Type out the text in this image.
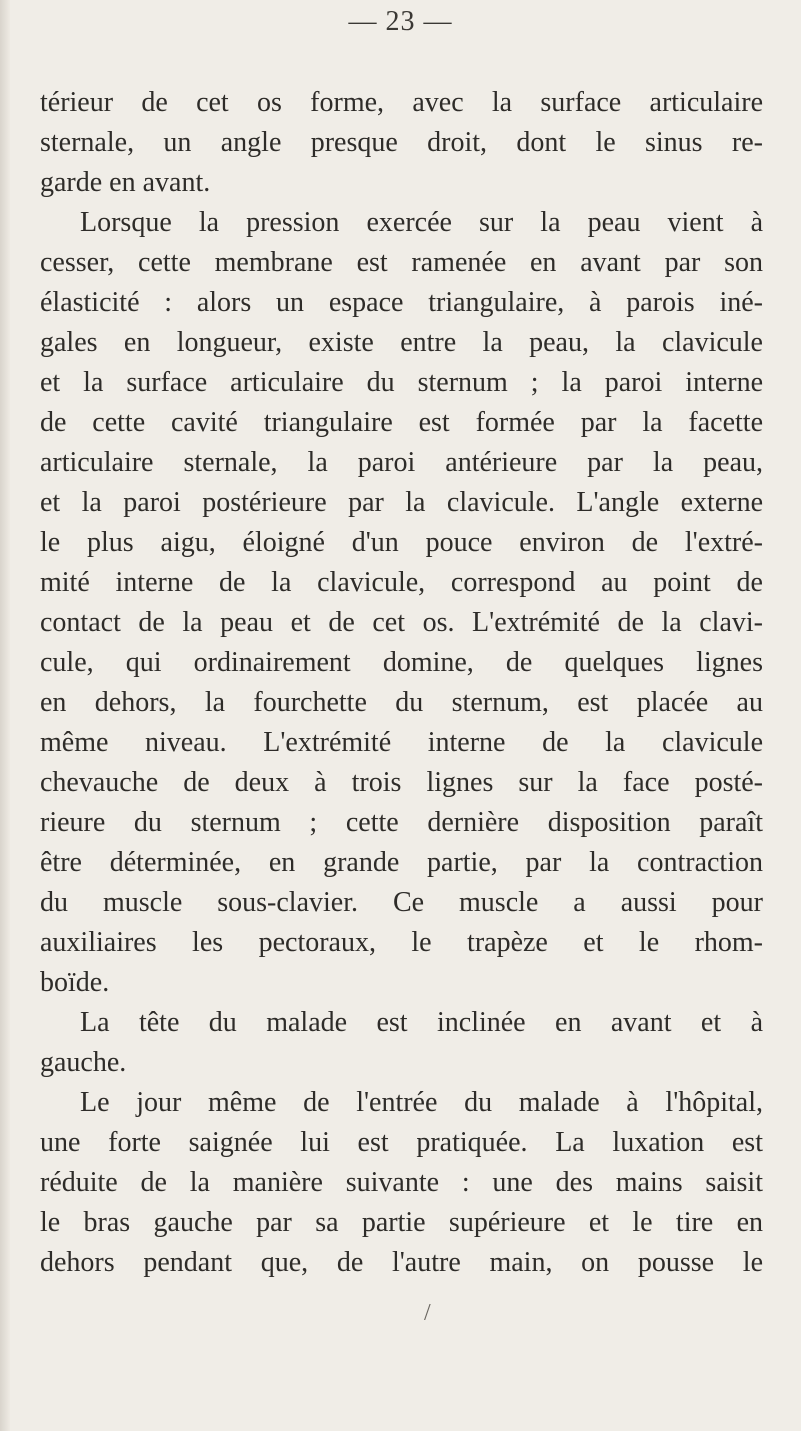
— 23 —
térieur de cet os forme, avec la surface articulaire
sternale, un angle presque droit, dont le sinus re-
garde en avant.
Lorsque la pression exercée sur la peau vient à
cesser, cette membrane est ramenée en avant par son
élasticité : alors un espace triangulaire, à parois iné-
gales en longueur, existe entre la peau, la clavicule
et la surface articulaire du sternum ; la paroi interne
de cette cavité triangulaire est formée par la facette
articulaire sternale, la paroi antérieure par la peau,
et la paroi postérieure par la clavicule. L'angle externe
le plus aigu, éloigné d'un pouce environ de l'extré-
mité interne de la clavicule, correspond au point de
contact de la peau et de cet os. L'extrémité de la clavi-
cule, qui ordinairement domine, de quelques lignes
en dehors, la fourchette du sternum, est placée au
même niveau. L'extrémité interne de la clavicule
chevauche de deux à trois lignes sur la face posté-
rieure du sternum ; cette dernière disposition paraît
être déterminée, en grande partie, par la contraction
du muscle sous-clavier. Ce muscle a aussi pour
auxiliaires les pectoraux, le trapèze et le rhom-
boïde.
La tête du malade est inclinée en avant et à
gauche.
Le jour même de l'entrée du malade à l'hôpital,
une forte saignée lui est pratiquée. La luxation est
réduite de la manière suivante : une des mains saisit
le bras gauche par sa partie supérieure et le tire en
dehors pendant que, de l'autre main, on pousse le
/
